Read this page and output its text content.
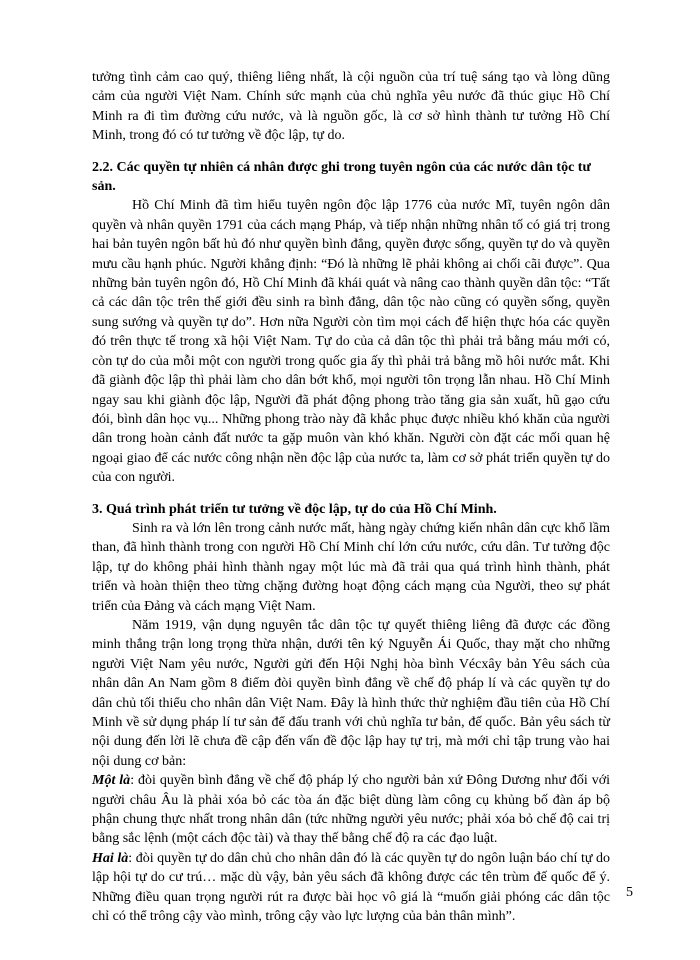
tưởng tình cảm cao quý, thiêng liêng nhất, là cội nguồn của trí tuệ sáng tạo và lòng dũng cảm của người Việt Nam. Chính sức mạnh của chủ nghĩa yêu nước đã thúc giục Hồ Chí Minh ra đi tìm đường cứu nước, và là nguồn gốc, là cơ sở hình thành tư tưởng Hồ Chí Minh, trong đó có tư tưởng về độc lập, tự do.

2.2. Các quyền tự nhiên cá nhân được ghi trong tuyên ngôn của các nước dân tộc tư sản.

Hồ Chí Minh đã tìm hiểu tuyên ngôn độc lập 1776 của nước Mĩ, tuyên ngôn dân quyền và nhân quyền 1791 của cách mạng Pháp, và tiếp nhận những nhân tố có giá trị trong hai bản tuyên ngôn bất hủ đó như quyền bình đẳng, quyền được sống, quyền tự do và quyền mưu cầu hạnh phúc. Người khẳng định: “Đó là những lẽ phải không ai chối cãi được”. Qua những bản tuyên ngôn đó, Hồ Chí Minh đã khái quát và nâng cao thành quyền dân tộc: “Tất cả các dân tộc trên thế giới đều sinh ra bình đẳng, dân tộc nào cũng có quyền sống, quyền sung sướng và quyền tự do”. Hơn nữa Người còn tìm mọi cách để hiện thực hóa các quyền đó trên thực tế trong xã hội Việt Nam. Tự do của cả dân tộc thì phải trả bằng máu mới có, còn tự do của mỗi một con người trong quốc gia ấy thì phải trả bằng mồ hôi nước mắt. Khi đã giành độc lập thì phải làm cho dân bớt khổ, mọi người tôn trọng lẫn nhau. Hồ Chí Minh ngay sau khi giành độc lập, Người đã phát động phong trào tăng gia sản xuất, hũ gạo cứu đói, bình dân học vụ... Những phong trào này đã khắc phục được nhiều khó khăn của người dân trong hoàn cảnh đất nước ta gặp muôn vàn khó khăn. Người còn đặt các mối quan hệ ngoại giao để các nước công nhận nền độc lập của nước ta, làm cơ sở phát triển quyền tự do của con người.

3. Quá trình phát triển tư tưởng về độc lập, tự do của Hồ Chí Minh.

Sinh ra và lớn lên trong cảnh nước mất, hàng ngày chứng kiến nhân dân cực khổ lầm than, đã hình thành trong con người Hồ Chí Minh chí lớn cứu nước, cứu dân. Tư tưởng độc lập, tự do không phải hình thành ngay một lúc mà đã trải qua quá trình hình thành, phát triển và hoàn thiện theo từng chặng đường hoạt động cách mạng của Người, theo sự phát triển của Đảng và cách mạng Việt Nam.

Năm 1919, vận dụng nguyên tắc dân tộc tự quyết thiêng liêng đã được các đồng minh thắng trận long trọng thừa nhận, dưới tên ký Nguyễn Ái Quốc, thay mặt cho những người Việt Nam yêu nước, Người gửi đến Hội Nghị hòa bình Vécxây bản Yêu sách của nhân dân An Nam gồm 8 điểm đòi quyền bình đẳng về chế độ pháp lí và các quyền tự do dân chủ tối thiểu cho nhân dân Việt Nam. Đây là hình thức thử nghiệm đầu tiên của Hồ Chí Minh về sử dụng pháp lí tư sản để đấu tranh với chủ nghĩa tư bản, đế quốc. Bản yêu sách từ nội dung đến lời lẽ chưa đề cập đến vấn đề độc lập hay tự trị, mà mới chỉ tập trung vào hai nội dung cơ bản:

Một là: đòi quyền bình đẳng về chế độ pháp lý cho người bản xứ Đông Dương như đối với người châu Âu là phải xóa bỏ các tòa án đặc biệt dùng làm công cụ khủng bố đàn áp bộ phận chung thực nhất trong nhân dân (tức những người yêu nước; phải xóa bỏ chế độ cai trị bằng sắc lệnh (một cách độc tài) và thay thế bằng chế độ ra các đạo luật.

Hai là: đòi quyền tự do dân chủ cho nhân dân đó là các quyền tự do ngôn luận báo chí tự do lập hội tự do cư trú… mặc dù vậy, bản yêu sách đã không được các tên trùm đế quốc để ý. Những điều quan trọng người rút ra được bài học vô giá là “muốn giải phóng các dân tộc chỉ có thể trông cậy vào mình, trông cậy vào lực lượng của bản thân mình”.

5
